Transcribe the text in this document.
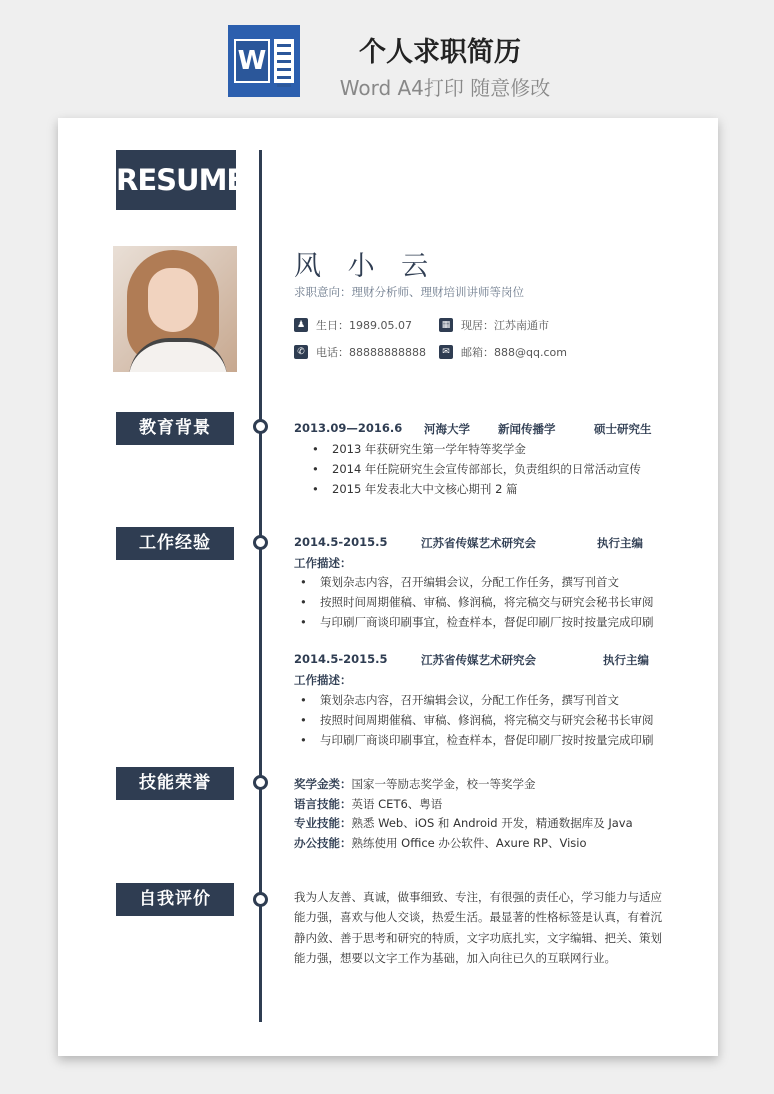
W	个人求职简历
Word A4打印 随意修改
RESUME
风 小 云
求职意向：理财分析师、理财培训讲师等岗位
♟ 生日：1989.05.07	▦ 现居：江苏南通市
✆ 电话：88888888888	✉ 邮箱：888@qq.com
教育背景	2013.09—2016.6 河海大学 新闻传播学	硕士研究生
• 2013 年获研究生第一学年特等奖学金
• 2014 年任院研究生会宣传部部长，负责组织的日常活动宣传
• 2015 年发表北大中文核心期刊 2 篇
工作经验	2014.5-2015.5	江苏省传媒艺术研究会	执行主编
工作描述：
• 策划杂志内容，召开编辑会议，分配工作任务，撰写刊首文
• 按照时间周期催稿、审稿、修润稿，将完稿交与研究会秘书长审阅
• 与印刷厂商谈印刷事宜，检查样本，督促印刷厂按时按量完成印刷
2014.5-2015.5	江苏省传媒艺术研究会	执行主编
工作描述：
• 策划杂志内容，召开编辑会议，分配工作任务，撰写刊首文
• 按照时间周期催稿、审稿、修润稿，将完稿交与研究会秘书长审阅
• 与印刷厂商谈印刷事宜，检查样本，督促印刷厂按时按量完成印刷
技能荣誉	奖学金类：国家一等励志奖学金，校一等奖学金
语言技能：英语 CET6、粤语
专业技能：熟悉 Web、iOS 和 Android 开发，精通数据库及 Java
办公技能：熟练使用 Office 办公软件、Axure RP、Visio
自我评价	我为人友善、真诚，做事细致、专注，有很强的责任心，学习能力与适应能力强，喜欢与他人交谈，热爱生活。最显著的性格标签是认真，有着沉静内敛、善于思考和研究的特质，文字功底扎实，文字编辑、把关、策划能力强，想要以文字工作为基础，加入向往已久的互联网行业。
